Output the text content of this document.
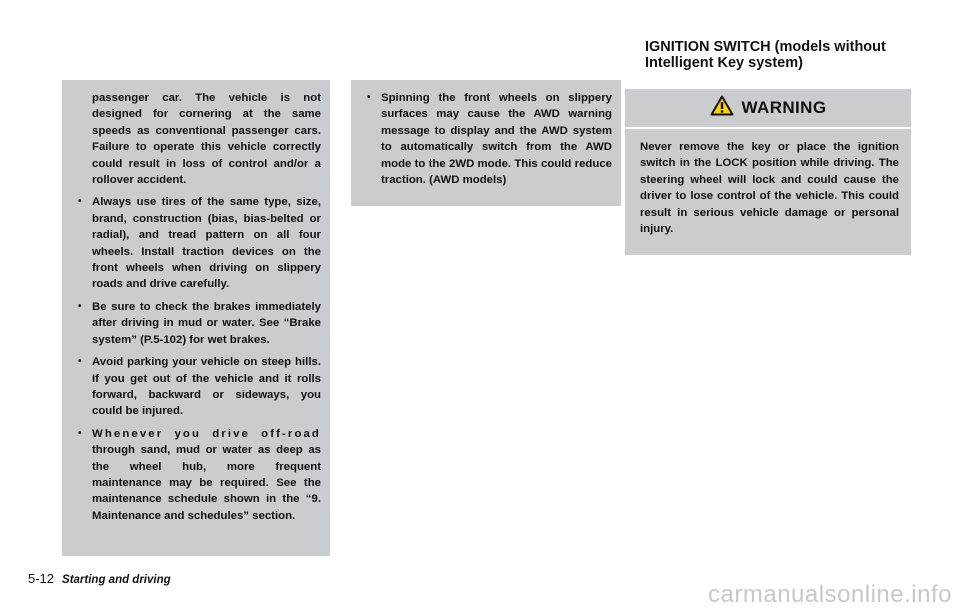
passenger car. The vehicle is not designed for cornering at the same speeds as conventional passenger cars. Failure to operate this vehicle correctly could result in loss of control and/or a rollover accident.

• Always use tires of the same type, size, brand, construction (bias, bias-belted or radial), and tread pattern on all four wheels. Install traction devices on the front wheels when driving on slippery roads and drive carefully.

• Be sure to check the brakes immediately after driving in mud or water. See “Brake system” (P.5-102) for wet brakes.

• Avoid parking your vehicle on steep hills. If you get out of the vehicle and it rolls forward, backward or sideways, you could be injured.

• Whenever you drive off-road through sand, mud or water as deep as the wheel hub, more frequent maintenance may be required. See the maintenance schedule shown in the “9. Maintenance and schedules” section.

• Spinning the front wheels on slippery surfaces may cause the AWD warning message to display and the AWD system to automatically switch from the AWD mode to the 2WD mode. This could reduce traction. (AWD models)

IGNITION SWITCH (models without Intelligent Key system)
WARNING

Never remove the key or place the ignition switch in the LOCK position while driving. The steering wheel will lock and could cause the driver to lose control of the vehicle. This could result in serious vehicle damage or personal injury.

5-12 Starting and driving
carmanualsonline.info
